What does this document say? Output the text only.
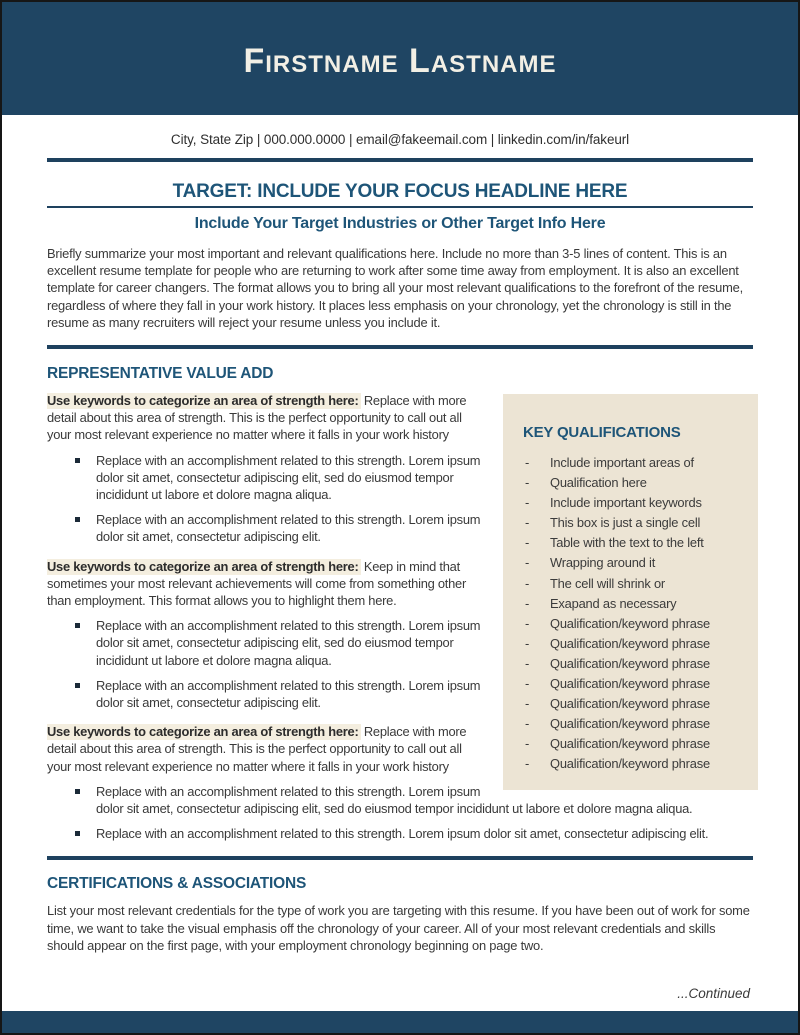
Firstname Lastname
City, State Zip | 000.000.0000 | email@fakeemail.com | linkedin.com/in/fakeurl
TARGET: INCLUDE YOUR FOCUS HEADLINE HERE
Include Your Target Industries or Other Target Info Here

Briefly summarize your most important and relevant qualifications here. Include no more than 3-5 lines of content. This is an excellent resume template for people who are returning to work after some time away from employment. It is also an excellent template for career changers. The format allows you to bring all your most relevant qualifications to the forefront of the resume, regardless of where they fall in your work history. It places less emphasis on your chronology, yet the chronology is still in the resume as many recruiters will reject your resume unless you include it.

REPRESENTATIVE VALUE ADD
KEY QUALIFICATIONS
- Include important areas of
- Qualification here
- Include important keywords
- This box is just a single cell
- Table with the text to the left
- Wrapping around it
- The cell will shrink or
- Exapand as necessary
- Qualification/keyword phrase
- Qualification/keyword phrase
- Qualification/keyword phrase
- Qualification/keyword phrase
- Qualification/keyword phrase
- Qualification/keyword phrase
- Qualification/keyword phrase
- Qualification/keyword phrase

Use keywords to categorize an area of strength here: Replace with more detail about this area of strength. This is the perfect opportunity to call out all your most relevant experience no matter where it falls in your work history

Replace with an accomplishment related to this strength. Lorem ipsum dolor sit amet, consectetur adipiscing elit, sed do eiusmod tempor incididunt ut labore et dolore magna aliqua.
Replace with an accomplishment related to this strength. Lorem ipsum dolor sit amet, consectetur adipiscing elit.

Use keywords to categorize an area of strength here: Keep in mind that sometimes your most relevant achievements will come from something other than employment. This format allows you to highlight them here.

Replace with an accomplishment related to this strength. Lorem ipsum dolor sit amet, consectetur adipiscing elit, sed do eiusmod tempor incididunt ut labore et dolore magna aliqua.
Replace with an accomplishment related to this strength. Lorem ipsum dolor sit amet, consectetur adipiscing elit.

Use keywords to categorize an area of strength here: Replace with more detail about this area of strength. This is the perfect opportunity to call out all your most relevant experience no matter where it falls in your work history

Replace with an accomplishment related to this strength. Lorem ipsum dolor sit amet, consectetur adipiscing elit, sed do eiusmod tempor incididunt ut labore et dolore magna aliqua.
Replace with an accomplishment related to this strength. Lorem ipsum dolor sit amet, consectetur adipiscing elit.
CERTIFICATIONS & ASSOCIATIONS

List your most relevant credentials for the type of work you are targeting with this resume. If you have been out of work for some time, we want to take the visual emphasis off the chronology of your career. All of your most relevant credentials and skills should appear on the first page, with your employment chronology beginning on page two.

...Continued
